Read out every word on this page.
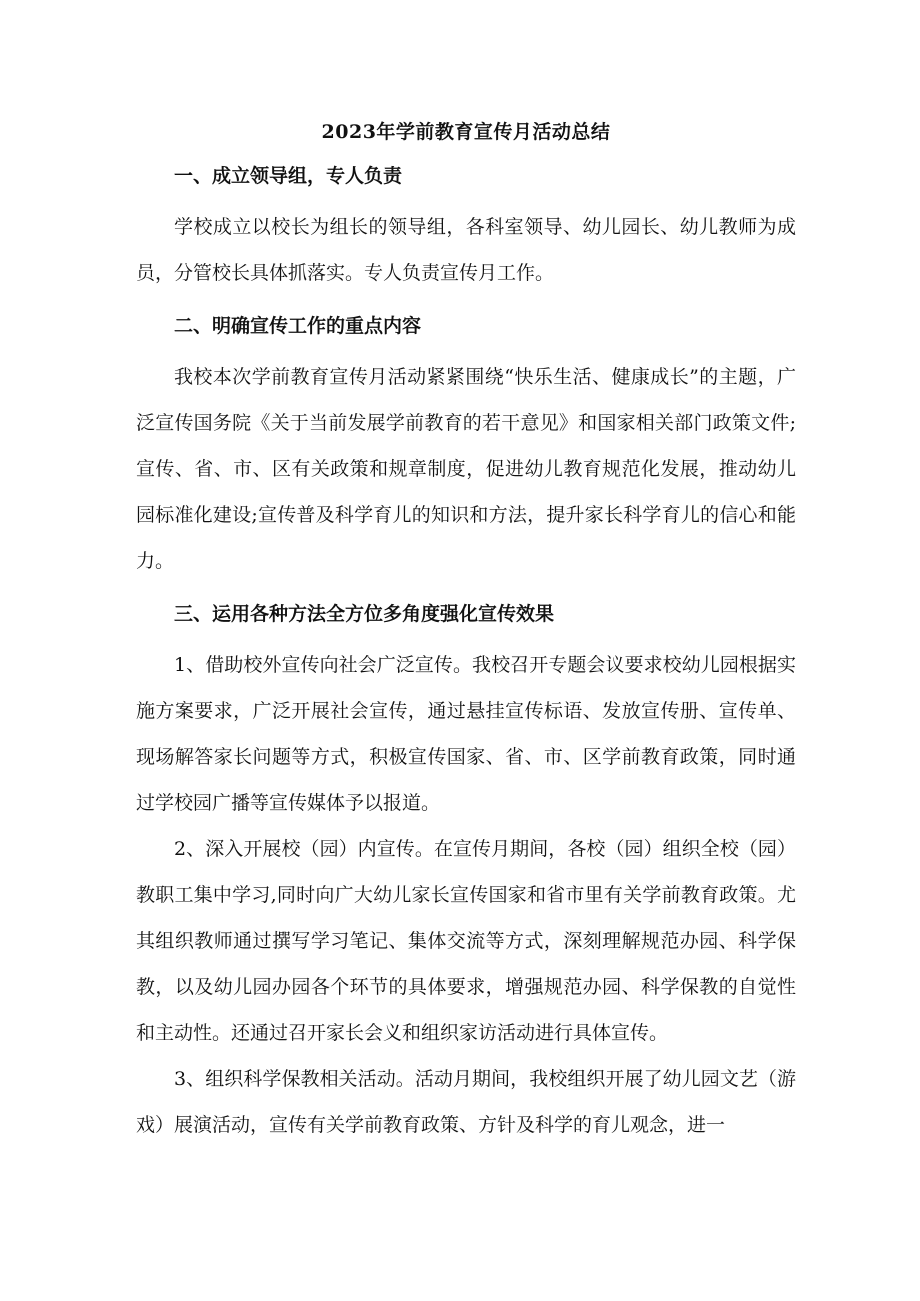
2023年学前教育宣传月活动总结
一、成立领导组，专人负责

学校成立以校长为组长的领导组，各科室领导、幼儿园长、幼儿教师为成员，分管校长具体抓落实。专人负责宣传月工作。

二、明确宣传工作的重点内容

我校本次学前教育宣传月活动紧紧围绕“快乐生活、健康成长”的主题，广泛宣传国务院《关于当前发展学前教育的若干意见》和国家相关部门政策文件;宣传、省、市、区有关政策和规章制度，促进幼儿教育规范化发展，推动幼儿园标准化建设;宣传普及科学育儿的知识和方法，提升家长科学育儿的信心和能力。

三、运用各种方法全方位多角度强化宣传效果

1、借助校外宣传向社会广泛宣传。我校召开专题会议要求校幼儿园根据实施方案要求，广泛开展社会宣传，通过悬挂宣传标语、发放宣传册、宣传单、现场解答家长问题等方式，积极宣传国家、省、市、区学前教育政策，同时通过学校园广播等宣传媒体予以报道。

2、深入开展校（园）内宣传。在宣传月期间，各校（园）组织全校（园）教职工集中学习,同时向广大幼儿家长宣传国家和省市里有关学前教育政策。尤其组织教师通过撰写学习笔记、集体交流等方式，深刻理解规范办园、科学保教，以及幼儿园办园各个环节的具体要求，增强规范办园、科学保教的自觉性和主动性。还通过召开家长会义和组织家访活动进行具体宣传。

3、组织科学保教相关活动。活动月期间，我校组织开展了幼儿园文艺（游戏）展演活动，宣传有关学前教育政策、方针及科学的育儿观念，进一
